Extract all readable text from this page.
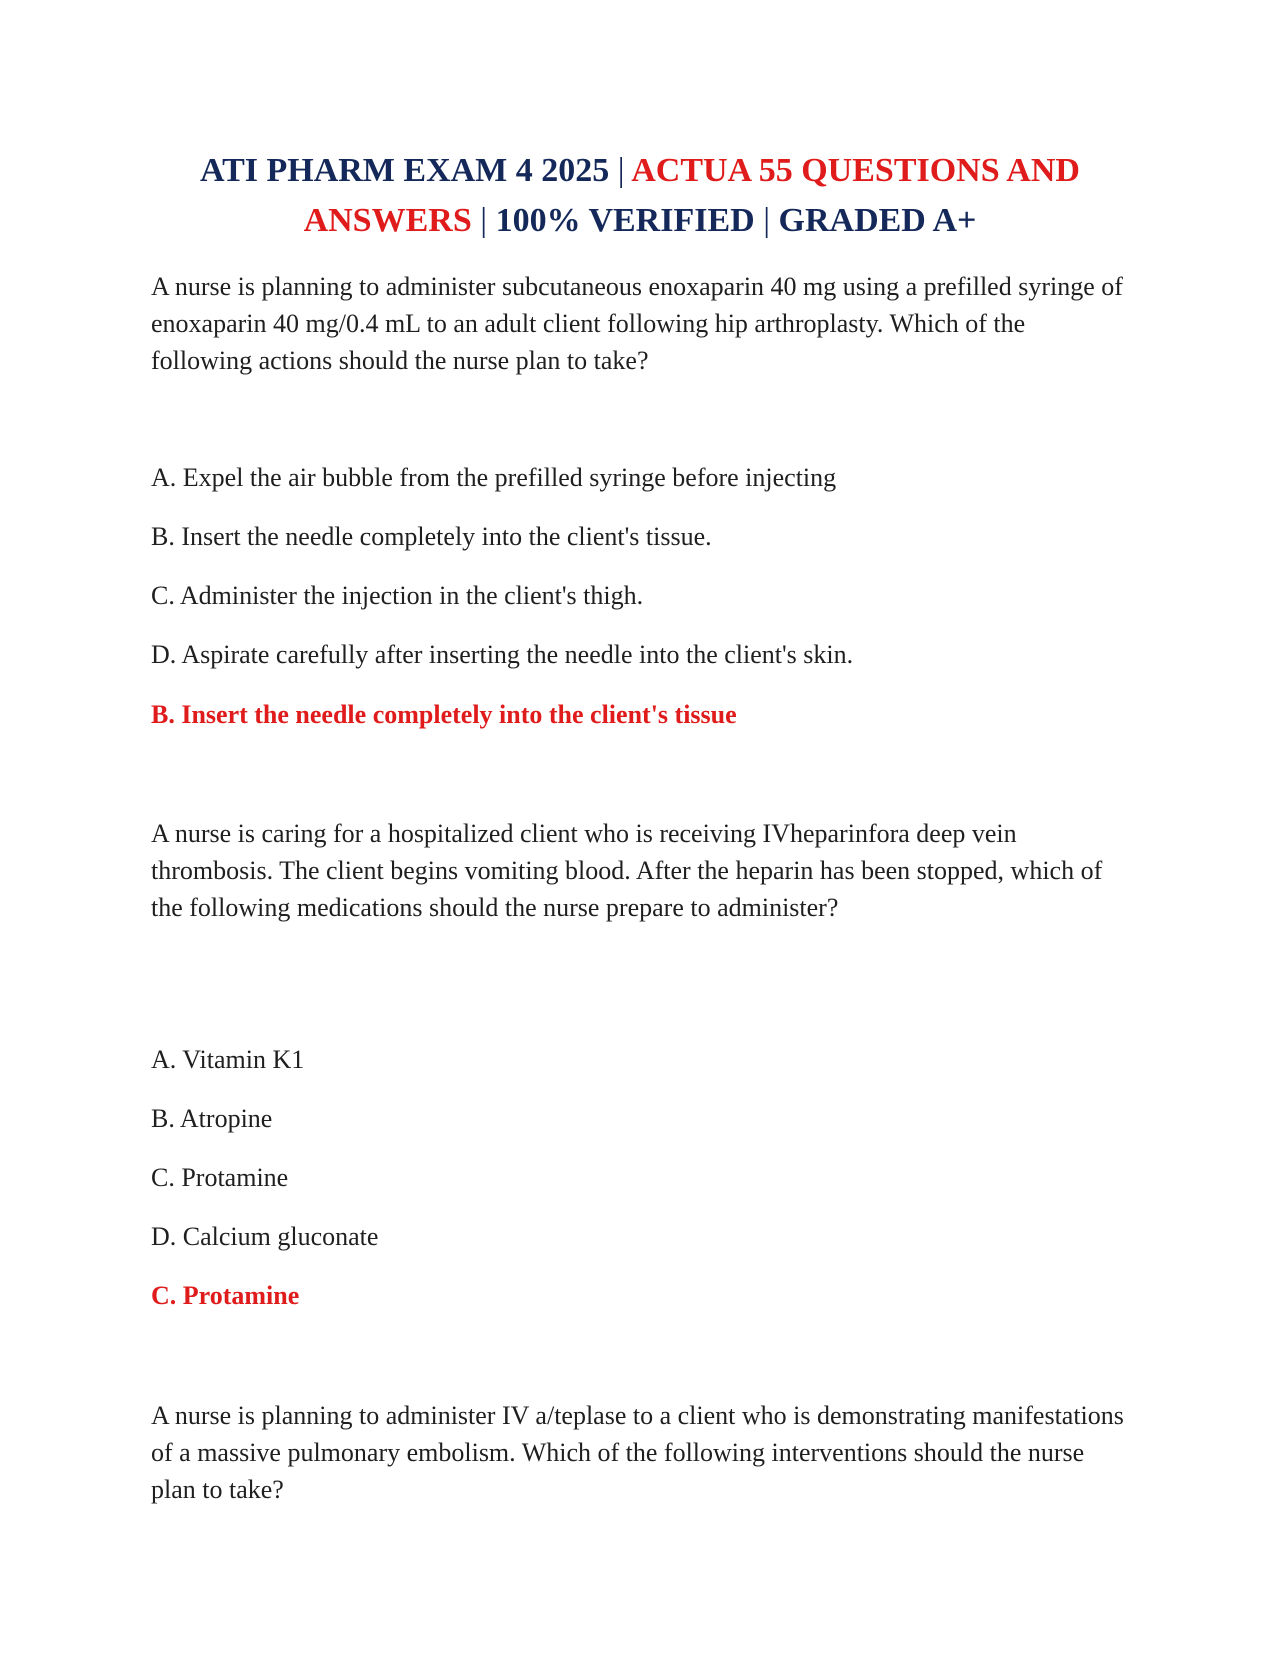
ATI PHARM EXAM 4 2025 | ACTUA 55 QUESTIONS AND ANSWERS | 100% VERIFIED | GRADED A+

A nurse is planning to administer subcutaneous enoxaparin 40 mg using a prefilled syringe of enoxaparin 40 mg/0.4 mL to an adult client following hip arthroplasty. Which of the following actions should the nurse plan to take?

A. Expel the air bubble from the prefilled syringe before injecting

B. Insert the needle completely into the client's tissue.

C. Administer the injection in the client's thigh.

D. Aspirate carefully after inserting the needle into the client's skin.

B. Insert the needle completely into the client's tissue

A nurse is caring for a hospitalized client who is receiving IVheparinfora deep vein thrombosis. The client begins vomiting blood. After the heparin has been stopped, which of the following medications should the nurse prepare to administer?

A. Vitamin K1

B. Atropine

C. Protamine

D. Calcium gluconate

C. Protamine

A nurse is planning to administer IV a/teplase to a client who is demonstrating manifestations of a massive pulmonary embolism. Which of the following interventions should the nurse plan to take?
